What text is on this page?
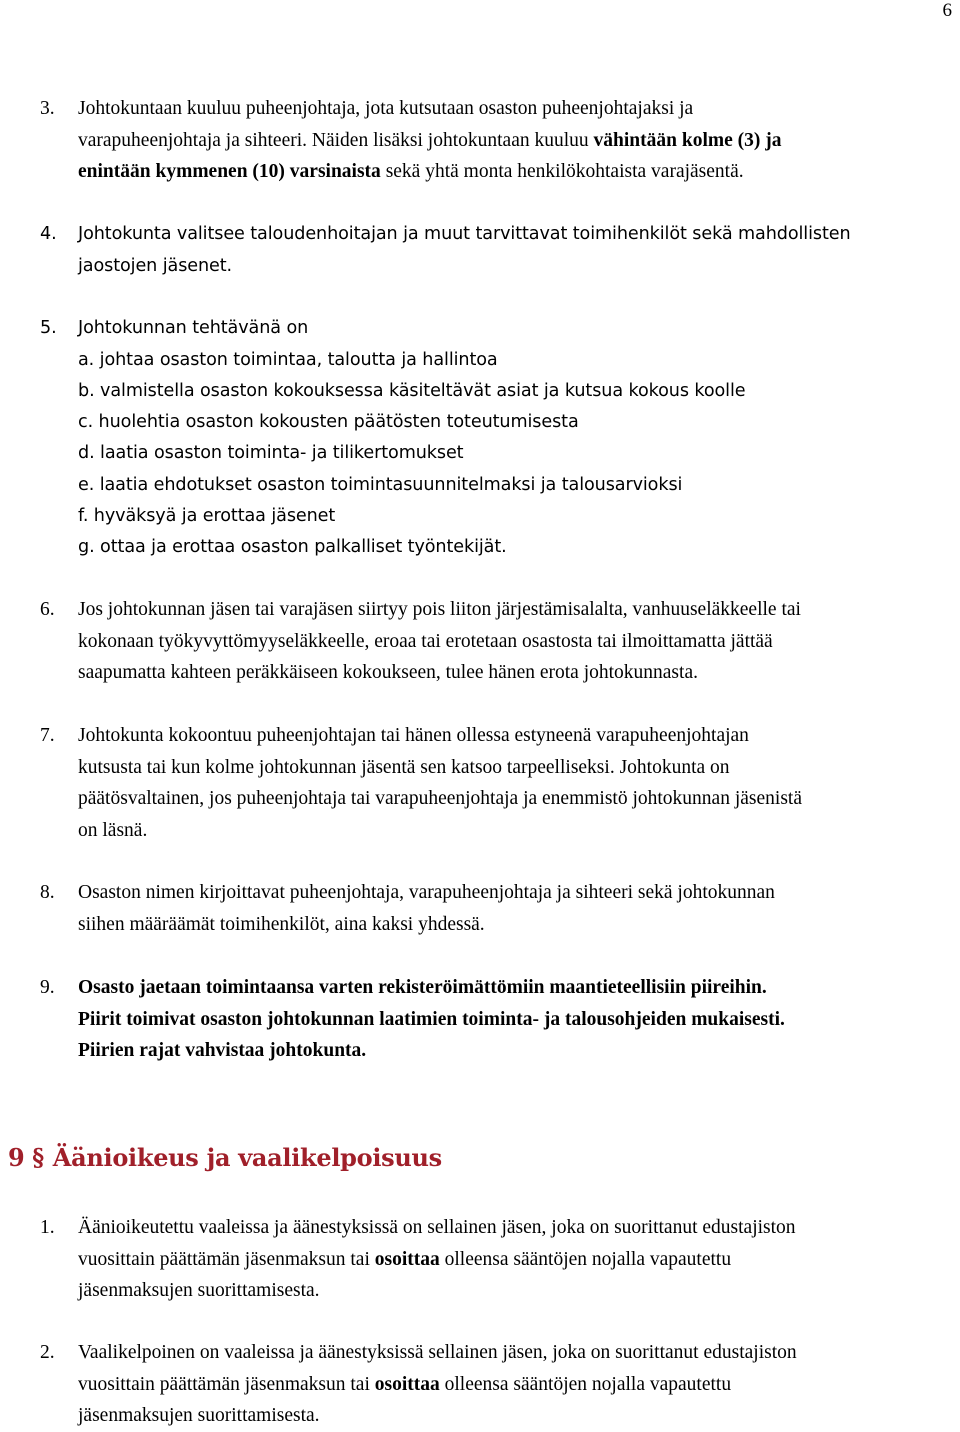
6
3.	Johtokuntaan kuuluu puheenjohtaja, jota kutsutaan osaston puheenjohtajaksi ja
varapuheenjohtaja ja sihteeri. Näiden lisäksi johtokuntaan kuuluu vähintään kolme (3) ja
enintään kymmenen (10) varsinaista sekä yhtä monta henkilökohtaista varajäsentä.
4.	Johtokunta valitsee taloudenhoitajan ja muut tarvittavat toimihenkilöt sekä mahdollisten
jaostojen jäsenet.
5.	Johtokunnan tehtävänä on
a. johtaa osaston toimintaa, taloutta ja hallintoa
b. valmistella osaston kokouksessa käsiteltävät asiat ja kutsua kokous koolle
c. huolehtia osaston kokousten päätösten toteutumisesta
d. laatia osaston toiminta- ja tilikertomukset
e. laatia ehdotukset osaston toimintasuunnitelmaksi ja talousarvioksi
f. hyväksyä ja erottaa jäsenet
g. ottaa ja erottaa osaston palkalliset työntekijät.
6.	Jos johtokunnan jäsen tai varajäsen siirtyy pois liiton järjestämisalalta, vanhuuseläkkeelle tai
kokonaan työkyvyttömyyseläkkeelle, eroaa tai erotetaan osastosta tai ilmoittamatta jättää
saapumatta kahteen peräkkäiseen kokoukseen, tulee hänen erota johtokunnasta.
7.	Johtokunta kokoontuu puheenjohtajan tai hänen ollessa estyneenä varapuheenjohtajan
kutsusta tai kun kolme johtokunnan jäsentä sen katsoo tarpeelliseksi. Johtokunta on
päätösvaltainen, jos puheenjohtaja tai varapuheenjohtaja ja enemmistö johtokunnan jäsenistä
on läsnä.
8.	Osaston nimen kirjoittavat puheenjohtaja, varapuheenjohtaja ja sihteeri sekä johtokunnan
siihen määräämät toimihenkilöt, aina kaksi yhdessä.
9.	Osasto jaetaan toimintaansa varten rekisteröimättömiin maantieteellisiin piireihin.
Piirit toimivat osaston johtokunnan laatimien toiminta- ja talousohjeiden mukaisesti.
Piirien rajat vahvistaa johtokunta.
9 § Äänioikeus ja vaalikelpoisuus
1.	Äänioikeutettu vaaleissa ja äänestyksissä on sellainen jäsen, joka on suorittanut edustajiston
vuosittain päättämän jäsenmaksun tai osoittaa olleensa sääntöjen nojalla vapautettu
jäsenmaksujen suorittamisesta.
2.	Vaalikelpoinen on vaaleissa ja äänestyksissä sellainen jäsen, joka on suorittanut edustajiston
vuosittain päättämän jäsenmaksun tai osoittaa olleensa sääntöjen nojalla vapautettu
jäsenmaksujen suorittamisesta.
